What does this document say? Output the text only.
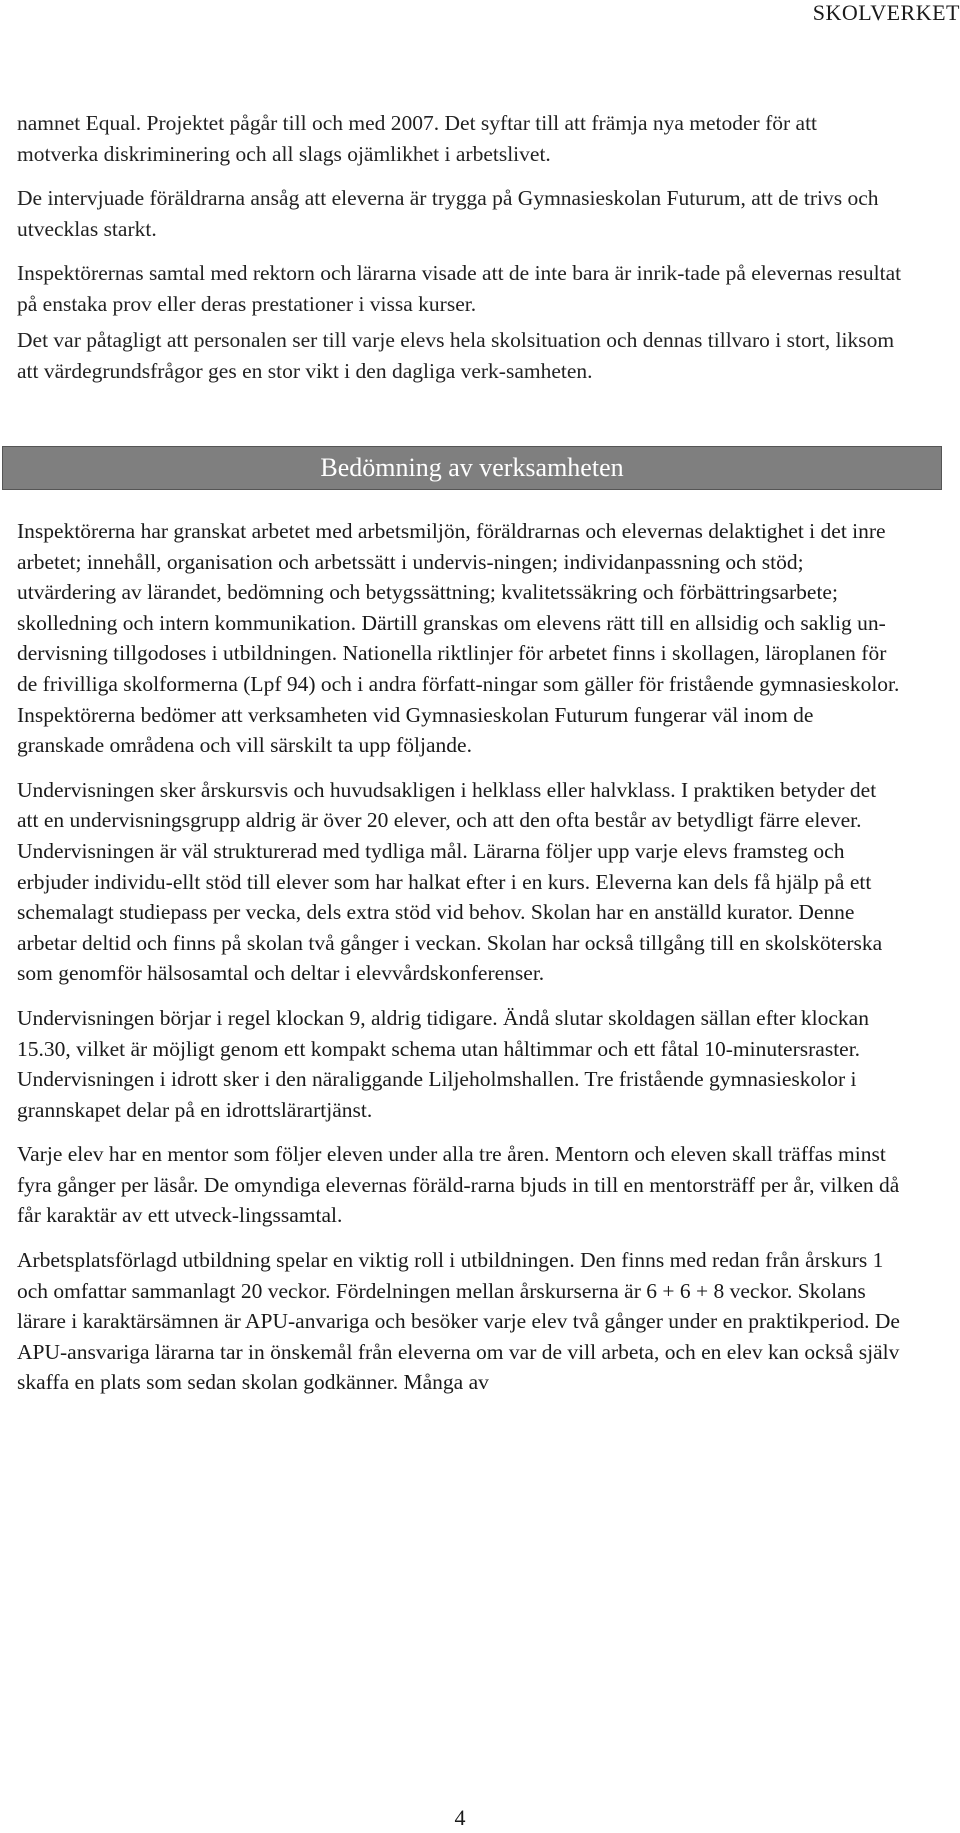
SKOLVERKET

namnet Equal. Projektet pågår till och med 2007. Det syftar till att främja nya metoder för att motverka diskriminering och all slags ojämlikhet i arbetslivet.

De intervjuade föräldrarna ansåg att eleverna är trygga på Gymnasieskolan Futurum, att de trivs och utvecklas starkt.

Inspektörernas samtal med rektorn och lärarna visade att de inte bara är inrik-tade på elevernas resultat på enstaka prov eller deras prestationer i vissa kurser.

Det var påtagligt att personalen ser till varje elevs hela skolsituation och dennas tillvaro i stort, liksom att värdegrundsfrågor ges en stor vikt i den dagliga verk-samheten.

Bedömning av verksamheten

Inspektörerna har granskat arbetet med arbetsmiljön, föräldrarnas och elevernas delaktighet i det inre arbetet; innehåll, organisation och arbetssätt i undervis-ningen; individanpassning och stöd; utvärdering av lärandet, bedömning och betygssättning; kvalitetssäkring och förbättringsarbete; skolledning och intern kommunikation. Därtill granskas om elevens rätt till en allsidig och saklig un-dervisning tillgodoses i utbildningen. Nationella riktlinjer för arbetet finns i skollagen, läroplanen för de frivilliga skolformerna (Lpf 94) och i andra författ-ningar som gäller för fristående gymnasieskolor. Inspektörerna bedömer att verksamheten vid Gymnasieskolan Futurum fungerar väl inom de granskade områdena och vill särskilt ta upp följande.

Undervisningen sker årskursvis och huvudsakligen i helklass eller halvklass. I praktiken betyder det att en undervisningsgrupp aldrig är över 20 elever, och att den ofta består av betydligt färre elever. Undervisningen är väl strukturerad med tydliga mål. Lärarna följer upp varje elevs framsteg och erbjuder individu-ellt stöd till elever som har halkat efter i en kurs. Eleverna kan dels få hjälp på ett schemalagt studiepass per vecka, dels extra stöd vid behov. Skolan har en anställd kurator. Denne arbetar deltid och finns på skolan två gånger i veckan. Skolan har också tillgång till en skolsköterska som genomför hälsosamtal och deltar i elevvårdskonferenser.

Undervisningen börjar i regel klockan 9, aldrig tidigare. Ändå slutar skoldagen sällan efter klockan 15.30, vilket är möjligt genom ett kompakt schema utan håltimmar och ett fåtal 10-minutersraster. Undervisningen i idrott sker i den näraliggande Liljeholmshallen. Tre fristående gymnasieskolor i grannskapet delar på en idrottslärartjänst.

Varje elev har en mentor som följer eleven under alla tre åren. Mentorn och eleven skall träffas minst fyra gånger per läsår. De omyndiga elevernas föräld-rarna bjuds in till en mentorsträff per år, vilken då får karaktär av ett utveck-lingssamtal.

Arbetsplatsförlagd utbildning spelar en viktig roll i utbildningen. Den finns med redan från årskurs 1 och omfattar sammanlagt 20 veckor. Fördelningen mellan årskurserna är 6 + 6 + 8 veckor. Skolans lärare i karaktärsämnen är APU-anvariga och besöker varje elev två gånger under en praktikperiod. De APU-ansvariga lärarna tar in önskemål från eleverna om var de vill arbeta, och en elev kan också själv skaffa en plats som sedan skolan godkänner. Många av

4
